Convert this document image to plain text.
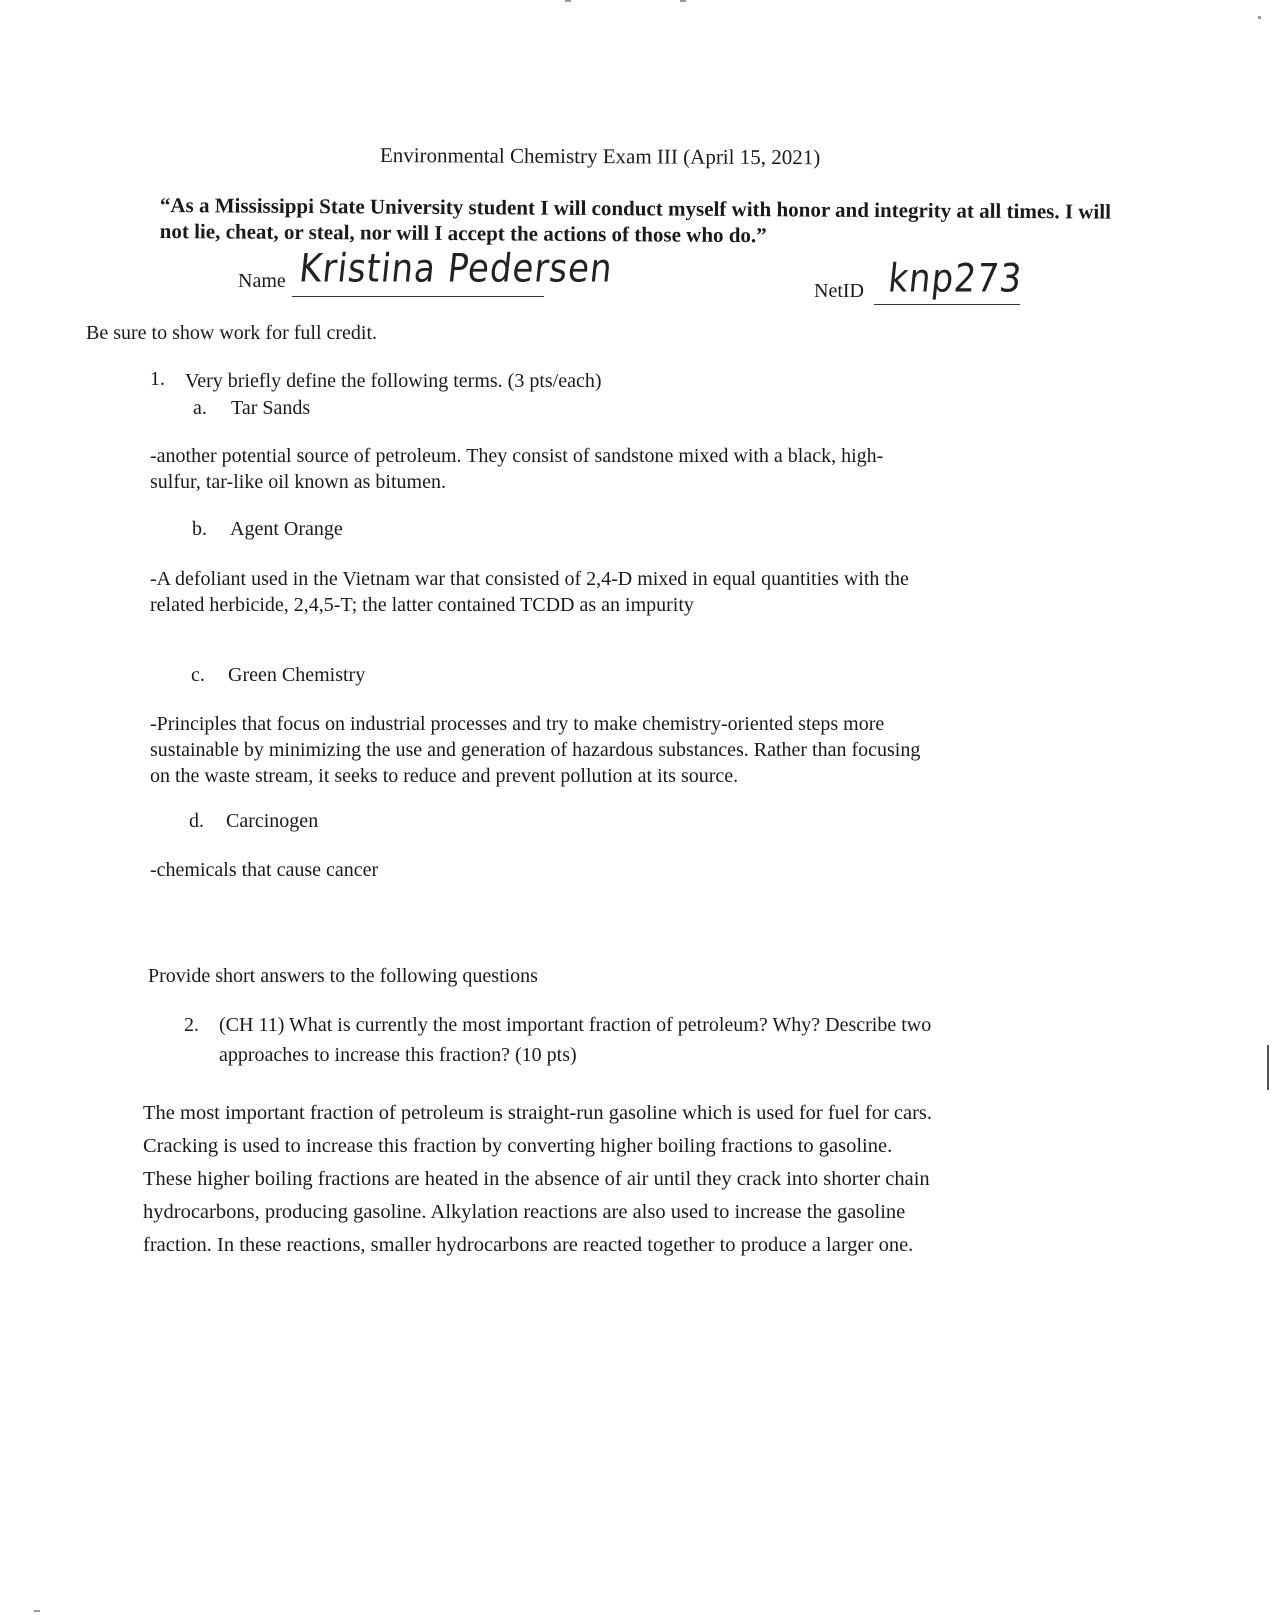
Environmental Chemistry Exam III (April 15, 2021)
“As a Mississippi State University student I will conduct myself with honor and integrity at all times. I will not lie, cheat, or steal, nor will I accept the actions of those who do.”
Name Kristina Pedersen	NetID knp273
Be sure to show work for full credit.
1. Very briefly define the following terms. (3 pts/each)
a. Tar Sands
-another potential source of petroleum. They consist of sandstone mixed with a black, high-
sulfur, tar-like oil known as bitumen.
b. Agent Orange
-A defoliant used in the Vietnam war that consisted of 2,4-D mixed in equal quantities with the
related herbicide, 2,4,5-T; the latter contained TCDD as an impurity
c. Green Chemistry
-Principles that focus on industrial processes and try to make chemistry-oriented steps more
sustainable by minimizing the use and generation of hazardous substances. Rather than focusing
on the waste stream, it seeks to reduce and prevent pollution at its source.
d. Carcinogen
-chemicals that cause cancer
Provide short answers to the following questions
2. (CH 11) What is currently the most important fraction of petroleum? Why? Describe two
approaches to increase this fraction? (10 pts)
The most important fraction of petroleum is straight-run gasoline which is used for fuel for cars.
Cracking is used to increase this fraction by converting higher boiling fractions to gasoline.
These higher boiling fractions are heated in the absence of air until they crack into shorter chain
hydrocarbons, producing gasoline. Alkylation reactions are also used to increase the gasoline
fraction. In these reactions, smaller hydrocarbons are reacted together to produce a larger one.
